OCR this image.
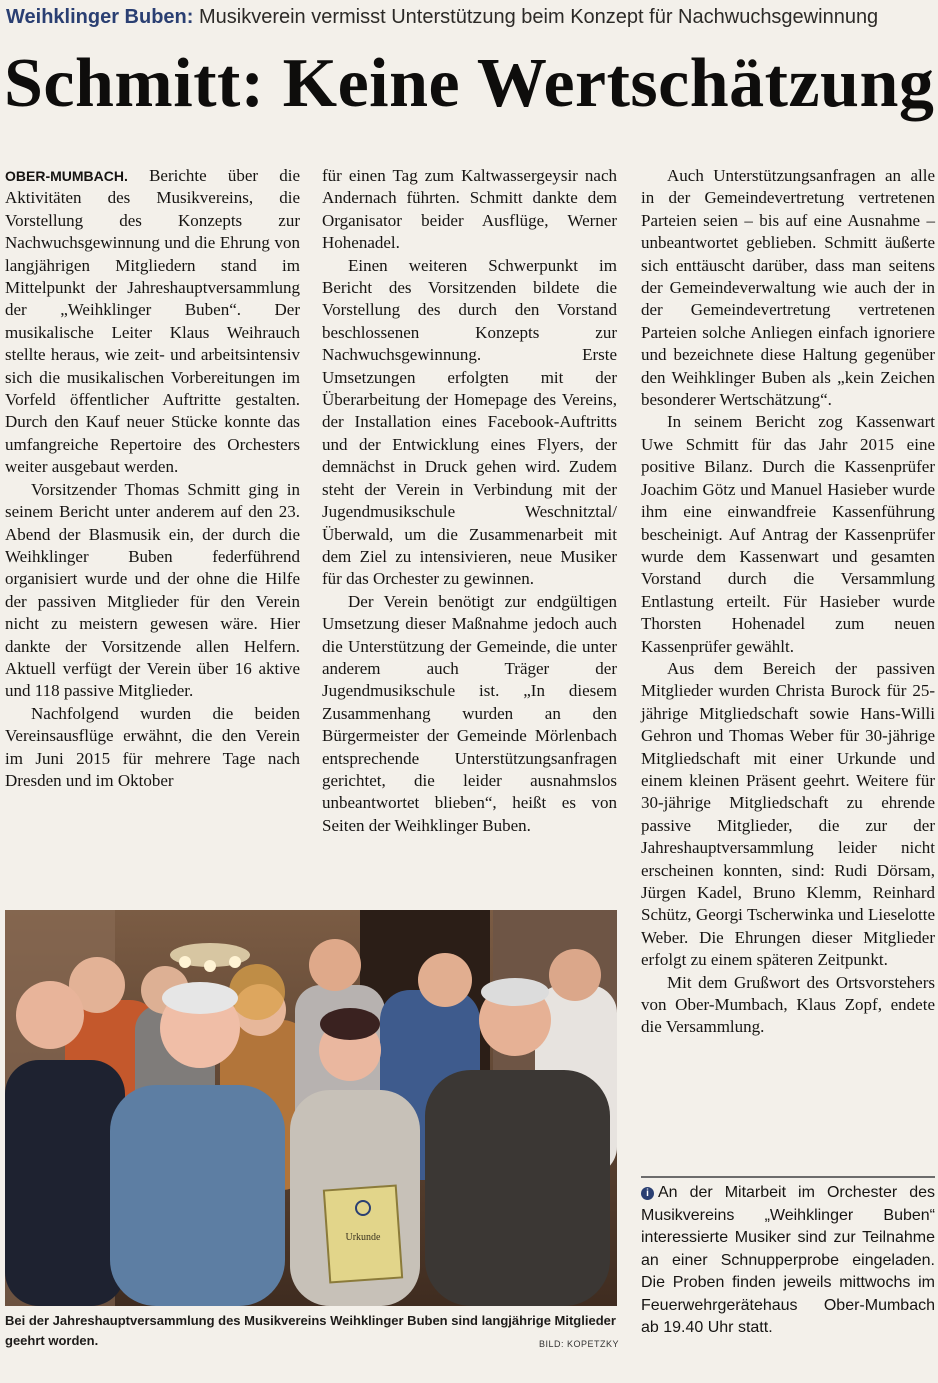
Weihklinger Buben: Musikverein vermisst Unterstützung beim Konzept für Nachwuchsgewinnung
Schmitt: Keine Wertschätzung

OBER-MUMBACH. Berichte über die Aktivitäten des Musikvereins, die Vorstellung des Konzepts zur Nachwuchsgewinnung und die Ehrung von langjährigen Mitgliedern stand im Mittelpunkt der Jahreshauptversammlung der „Weihklinger Buben“. Der musikalische Leiter Klaus Weihrauch stellte heraus, wie zeit- und arbeitsintensiv sich die musikalischen Vorbereitungen im Vorfeld öffentlicher Auftritte gestalten. Durch den Kauf neuer Stücke konnte das umfangreiche Repertoire des Orchesters weiter ausgebaut werden.

Vorsitzender Thomas Schmitt ging in seinem Bericht unter anderem auf den 23. Abend der Blasmusik ein, der durch die Weihklinger Buben federführend organisiert wurde und der ohne die Hilfe der passiven Mitglieder für den Verein nicht zu meistern gewesen wäre. Hier dankte der Vorsitzende allen Helfern. Aktuell verfügt der Verein über 16 aktive und 118 passive Mitglieder.

Nachfolgend wurden die beiden Vereinsausflüge erwähnt, die den Verein im Juni 2015 für mehrere Tage nach Dresden und im Oktober

für einen Tag zum Kaltwassergeysir nach Andernach führten. Schmitt dankte dem Organisator beider Ausflüge, Werner Hohenadel.

Einen weiteren Schwerpunkt im Bericht des Vorsitzenden bildete die Vorstellung des durch den Vorstand beschlossenen Konzepts zur Nachwuchsgewinnung. Erste Umsetzungen erfolgten mit der Überarbeitung der Homepage des Vereins, der Installation eines Facebook-Auftritts und der Entwicklung eines Flyers, der demnächst in Druck gehen wird. Zudem steht der Verein in Verbindung mit der Jugendmusikschule Weschnitztal/Überwald, um die Zusammenarbeit mit dem Ziel zu intensivieren, neue Musiker für das Orchester zu gewinnen.

Der Verein benötigt zur endgültigen Umsetzung dieser Maßnahme jedoch auch die Unterstützung der Gemeinde, die unter anderem auch Träger der Jugendmusikschule ist. „In diesem Zusammenhang wurden an den Bürgermeister der Gemeinde Mörlenbach entsprechende Unterstützungsanfragen gerichtet, die leider ausnahmslos unbeantwortet blieben“, heißt es von Seiten der Weihklinger Buben.

Auch Unterstützungsanfragen an alle in der Gemeindevertretung vertretenen Parteien seien – bis auf eine Ausnahme – unbeantwortet geblieben. Schmitt äußerte sich enttäuscht darüber, dass man seitens der Gemeindeverwaltung wie auch der in der Gemeindevertretung vertretenen Parteien solche Anliegen einfach ignoriere und bezeichnete diese Haltung gegenüber den Weihklinger Buben als „kein Zeichen besonderer Wertschätzung“.

In seinem Bericht zog Kassenwart Uwe Schmitt für das Jahr 2015 eine positive Bilanz. Durch die Kassenprüfer Joachim Götz und Manuel Hasieber wurde ihm eine einwandfreie Kassenführung bescheinigt. Auf Antrag der Kassenprüfer wurde dem Kassenwart und gesamten Vorstand durch die Versammlung Entlastung erteilt. Für Hasieber wurde Thorsten Hohenadel zum neuen Kassenprüfer gewählt.

Aus dem Bereich der passiven Mitglieder wurden Christa Burock für 25-jährige Mitgliedschaft sowie Hans-Willi Gehron und Thomas Weber für 30-jährige Mitgliedschaft mit einer Urkunde und einem kleinen Präsent geehrt. Weitere für 30-jährige Mitgliedschaft zu ehrende passive Mitglieder, die zur der Jahreshauptversammlung leider nicht erscheinen konnten, sind: Rudi Dörsam, Jürgen Kadel, Bruno Klemm, Reinhard Schütz, Georgi Tscherwinka und Lieselotte Weber. Die Ehrungen dieser Mitglieder erfolgt zu einem späteren Zeitpunkt.

Mit dem Grußwort des Ortsvorstehers von Ober-Mumbach, Klaus Zopf, endete die Versammlung.

i An der Mitarbeit im Orchester des Musikvereins „Weihklinger Buben“ interessierte Musiker sind zur Teilnahme an einer Schnupperprobe eingeladen. Die Proben finden jeweils mittwochs im Feuerwehrgerätehaus Ober-Mumbach ab 19.40 Uhr statt.
Urkunde
Bei der Jahreshauptversammlung des Musikvereins Weihklinger Buben sind langjährige Mitglieder geehrt worden.	BILD: KOPETZKY
